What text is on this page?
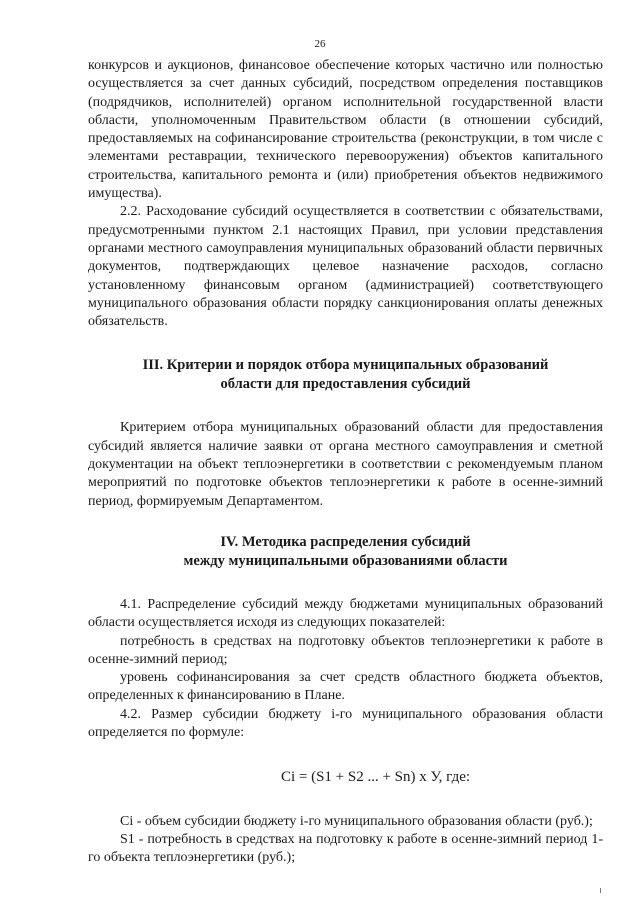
26

конкурсов и аукционов, финансовое обеспечение которых частично или полностью осуществляется за счет данных субсидий, посредством определения поставщиков (подрядчиков, исполнителей) органом исполнительной государственной власти области, уполномоченным Правительством области (в отношении субсидий, предоставляемых на софинансирование строительства (реконструкции, в том числе с элементами реставрации, технического перевооружения) объектов капитального строительства, капитального ремонта и (или) приобретения объектов недвижимого имущества).

2.2. Расходование субсидий осуществляется в соответствии с обязательствами, предусмотренными пунктом 2.1 настоящих Правил, при условии представления органами местного самоуправления муниципальных образований области первичных документов, подтверждающих целевое назначение расходов, согласно установленному финансовым органом (администрацией) соответствующего муниципального образования области порядку санкционирования оплаты денежных обязательств.

III. Критерии и порядок отбора муниципальных образований
области для предоставления субсидий

Критерием отбора муниципальных образований области для предоставления субсидий является наличие заявки от органа местного самоуправления и сметной документации на объект теплоэнергетики в соответствии с рекомендуемым планом мероприятий по подготовке объектов теплоэнергетики к работе в осенне-зимний период, формируемым Департаментом.

IV. Методика распределения субсидий
между муниципальными образованиями области

4.1. Распределение субсидий между бюджетами муниципальных образований области осуществляется исходя из следующих показателей:

потребность в средствах на подготовку объектов теплоэнергетики к работе в осенне-зимний период;

уровень софинансирования за счет средств областного бюджета объектов, определенных к финансированию в Плане.

4.2. Размер субсидии бюджету i-го муниципального образования области определяется по формуле:

Ci = (S1 + S2 ... + Sn) x У, где:

Ci - объем субсидии бюджету i-го муниципального образования области (руб.);

S1 - потребность в средствах на подготовку к работе в осенне-зимний период 1-го объекта теплоэнергетики (руб.);
